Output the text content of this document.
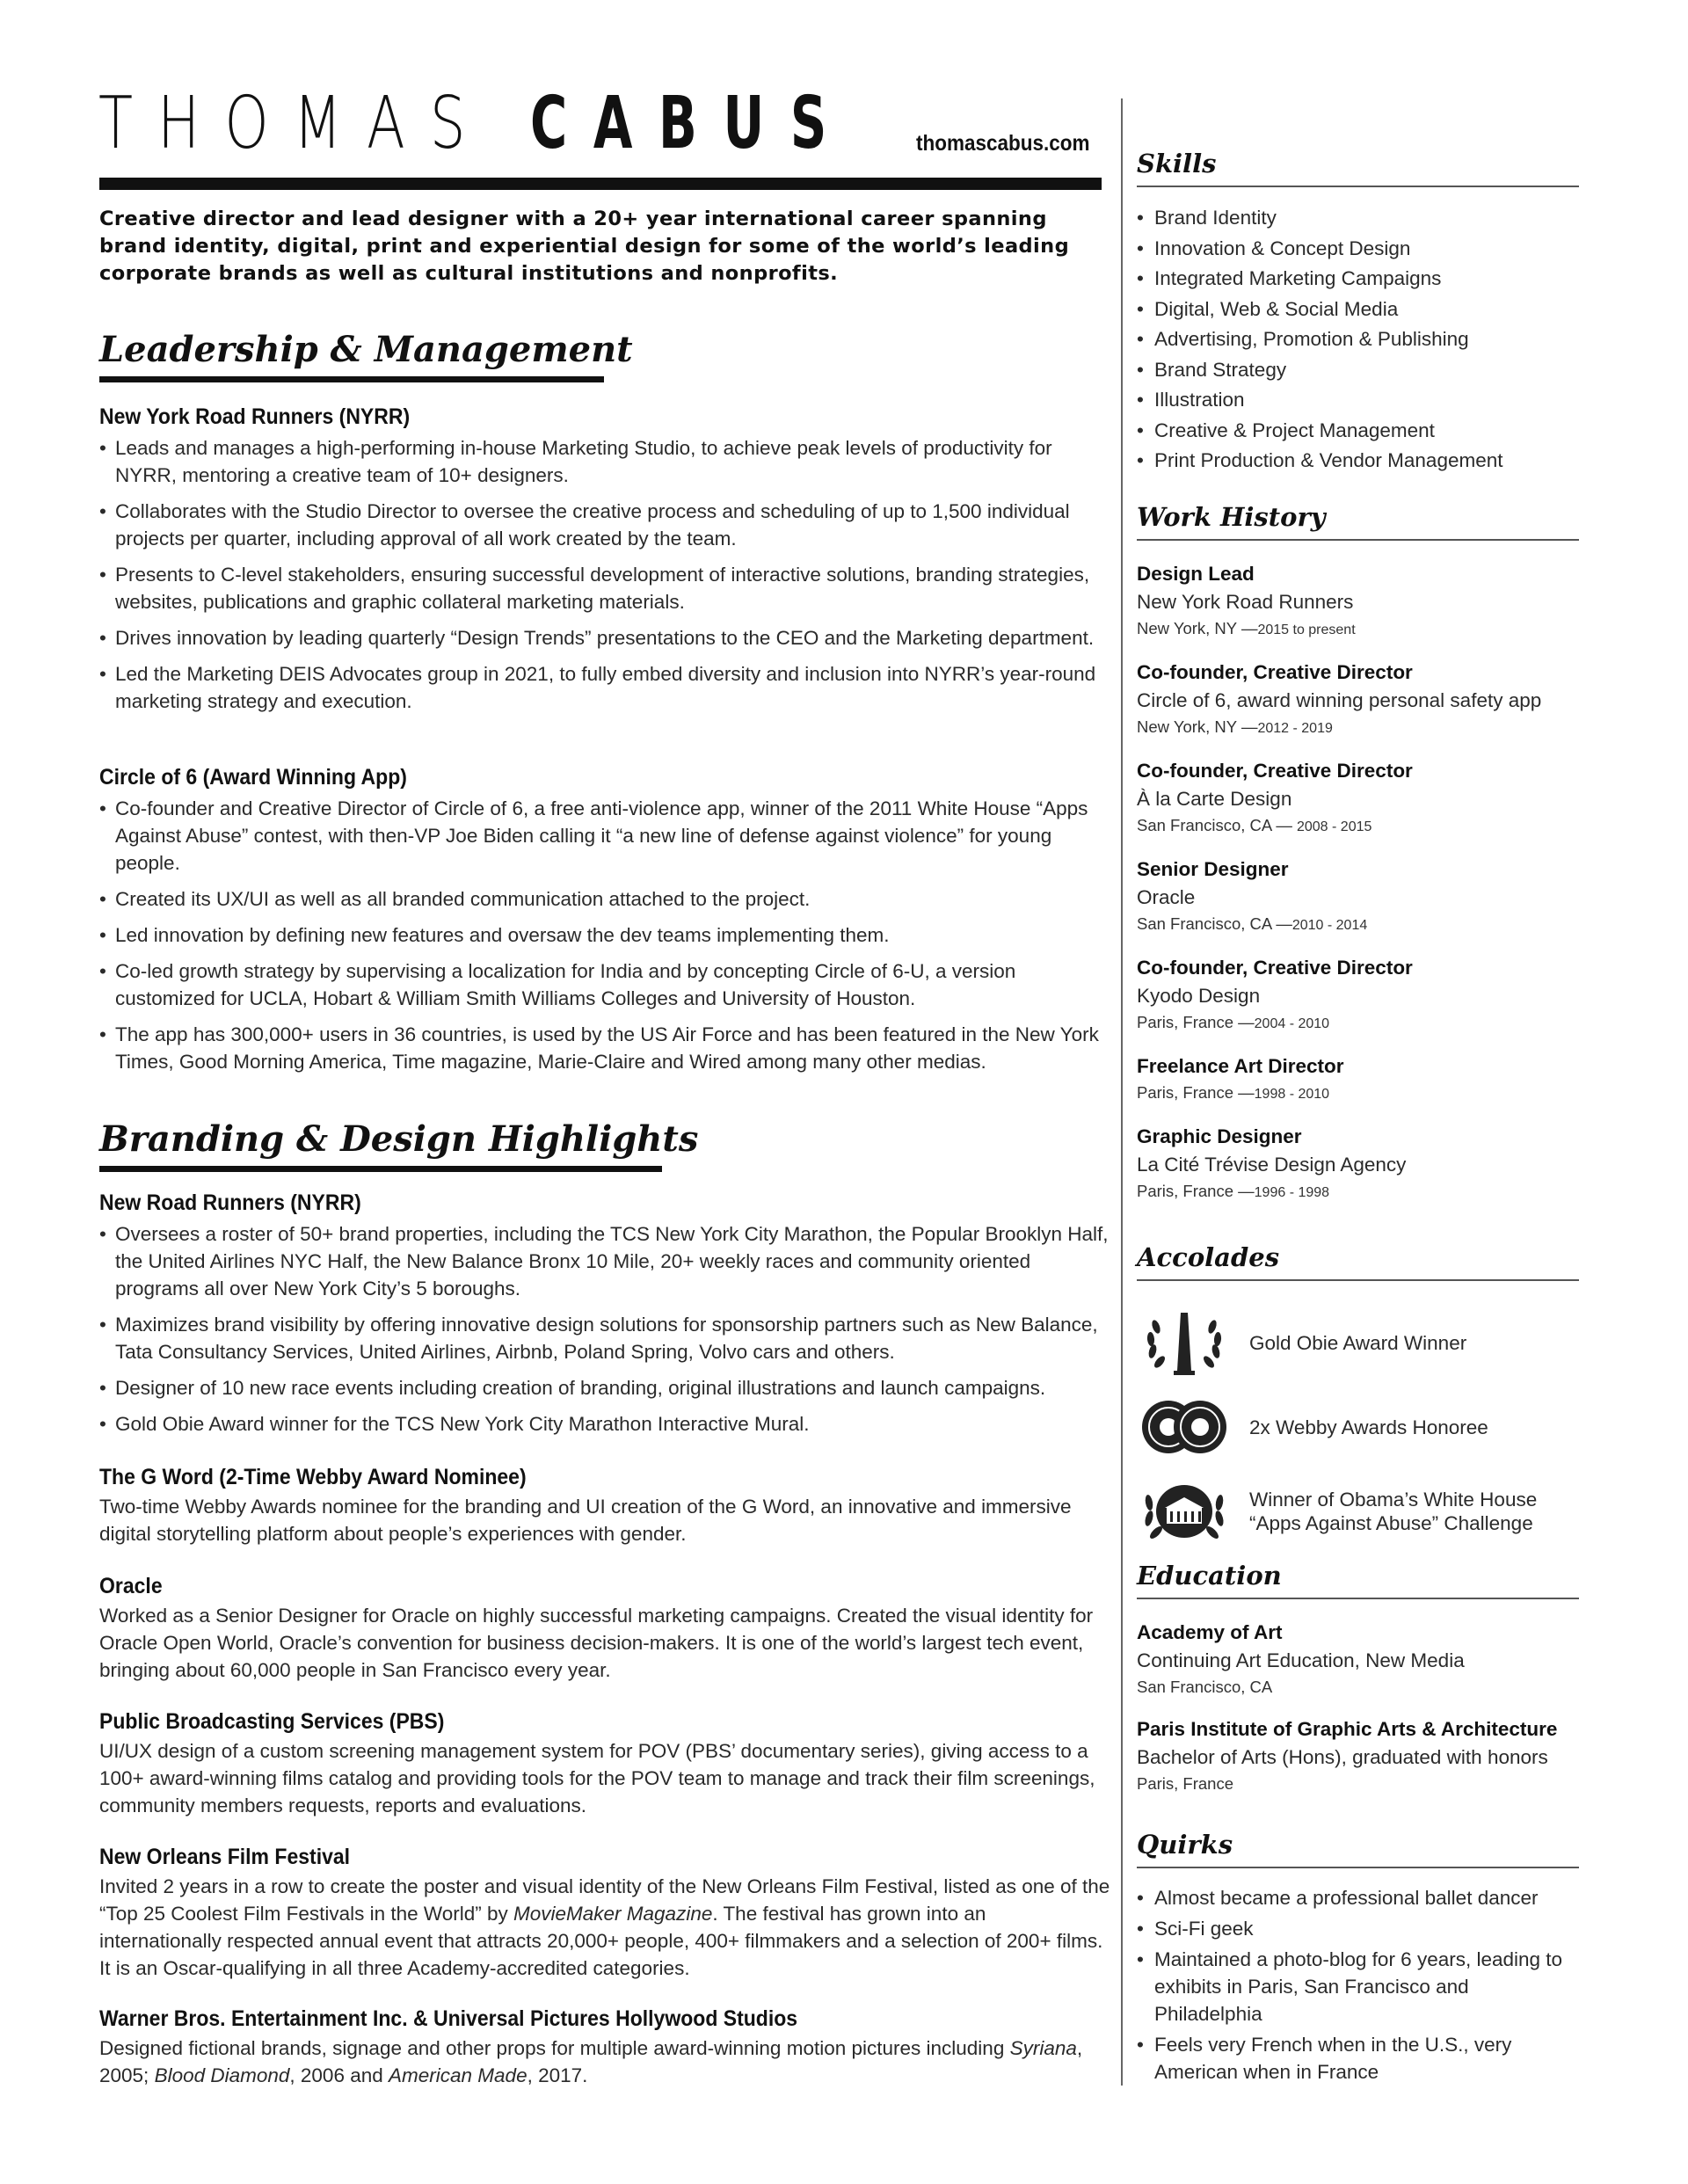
THOMAS CABUS	thomascabus.com
Creative director and lead designer with a 20+ year international career spanning brand identity, digital, print and experiential design for some of the world’s leading corporate brands as well as cultural institutions and nonprofits.
Leadership & Management

New York Road Runners (NYRR)

• Leads and manages a high-performing in-house Marketing Studio, to achieve peak levels of productivity for NYRR, mentoring a creative team of 10+ designers.
• Collaborates with the Studio Director to oversee the creative process and scheduling of up to 1,500 individual projects per quarter, including approval of all work created by the team.
• Presents to C-level stakeholders, ensuring successful development of interactive solutions, branding strategies, websites, publications and graphic collateral marketing materials.
• Drives innovation by leading quarterly “Design Trends” presentations to the CEO and the Marketing department.
• Led the Marketing DEIS Advocates group in 2021, to fully embed diversity and inclusion into NYRR’s year-round marketing strategy and execution.

Circle of 6 (Award Winning App)

• Co-founder and Creative Director of Circle of 6, a free anti-violence app, winner of the 2011 White House “Apps Against Abuse” contest, with then-VP Joe Biden calling it “a new line of defense against violence” for young people.
• Created its UX/UI as well as all branded communication attached to the project.
• Led innovation by defining new features and oversaw the dev teams implementing them.
• Co-led growth strategy by supervising a localization for India and by concepting Circle of 6-U, a version customized for UCLA, Hobart & William Smith Williams Colleges and University of Houston.
• The app has 300,000+ users in 36 countries, is used by the US Air Force and has been featured in the New York Times, Good Morning America, Time magazine, Marie-Claire and Wired among many other medias.
Branding & Design Highlights

New Road Runners (NYRR)

• Oversees a roster of 50+ brand properties, including the TCS New York City Marathon, the Popular Brooklyn Half, the United Airlines NYC Half, the New Balance Bronx 10 Mile, 20+ weekly races and community oriented programs all over New York City’s 5 boroughs.
• Maximizes brand visibility by offering innovative design solutions for sponsorship partners such as New Balance, Tata Consultancy Services, United Airlines, Airbnb, Poland Spring, Volvo cars and others.
• Designer of 10 new race events including creation of branding, original illustrations and launch campaigns.
• Gold Obie Award winner for the TCS New York City Marathon Interactive Mural.

The G Word (2-Time Webby Award Nominee)

Two-time Webby Awards nominee for the branding and UI creation of the G Word, an innovative and immersive digital storytelling platform about people’s experiences with gender.

Oracle

Worked as a Senior Designer for Oracle on highly successful marketing campaigns. Created the visual identity for Oracle Open World, Oracle’s convention for business decision-makers. It is one of the world’s largest tech event, bringing about 60,000 people in San Francisco every year.

Public Broadcasting Services (PBS)

UI/UX design of a custom screening management system for POV (PBS’ documentary series), giving access to a 100+ award-winning films catalog and providing tools for the POV team to manage and track their film screenings, community members requests, reports and evaluations.

New Orleans Film Festival

Invited 2 years in a row to create the poster and visual identity of the New Orleans Film Festival, listed as one of the “Top 25 Coolest Film Festivals in the World” by MovieMaker Magazine. The festival has grown into an internationally respected annual event that attracts 20,000+ people, 400+ filmmakers and a selection of 200+ films. It is an Oscar-qualifying in all three Academy-accredited categories.

Warner Bros. Entertainment Inc. & Universal Pictures Hollywood Studios

Designed fictional brands, signage and other props for multiple award-winning motion pictures including Syriana, 2005; Blood Diamond, 2006 and American Made, 2017.

Skills
• Brand Identity
• Innovation & Concept Design
• Integrated Marketing Campaigns
• Digital, Web & Social Media
• Advertising, Promotion & Publishing
• Brand Strategy
• Illustration
• Creative & Project Management
• Print Production & Vendor Management
Work History
Design Lead
New York Road Runners
New York, NY —2015 to present
Co-founder, Creative Director
Circle of 6, award winning personal safety app
New York, NY —2012 - 2019
Co-founder, Creative Director
À la Carte Design
San Francisco, CA — 2008 - 2015
Senior Designer
Oracle
San Francisco, CA —2010 - 2014
Co-founder, Creative Director
Kyodo Design
Paris, France —2004 - 2010
Freelance Art Director
Paris, France —1998 - 2010
Graphic Designer
La Cité Trévise Design Agency
Paris, France —1996 - 1998
Accolades
Gold Obie Award Winner
2x Webby Awards Honoree
Winner of Obama’s White House
“Apps Against Abuse” Challenge
Education
Academy of Art
Continuing Art Education, New Media
San Francisco, CA
Paris Institute of Graphic Arts & Architecture
Bachelor of Arts (Hons), graduated with honors
Paris, France
Quirks
• Almost became a professional ballet dancer
• Sci-Fi geek
• Maintained a photo-blog for 6 years, leading to exhibits in Paris, San Francisco and Philadelphia
• Feels very French when in the U.S., very American when in France
